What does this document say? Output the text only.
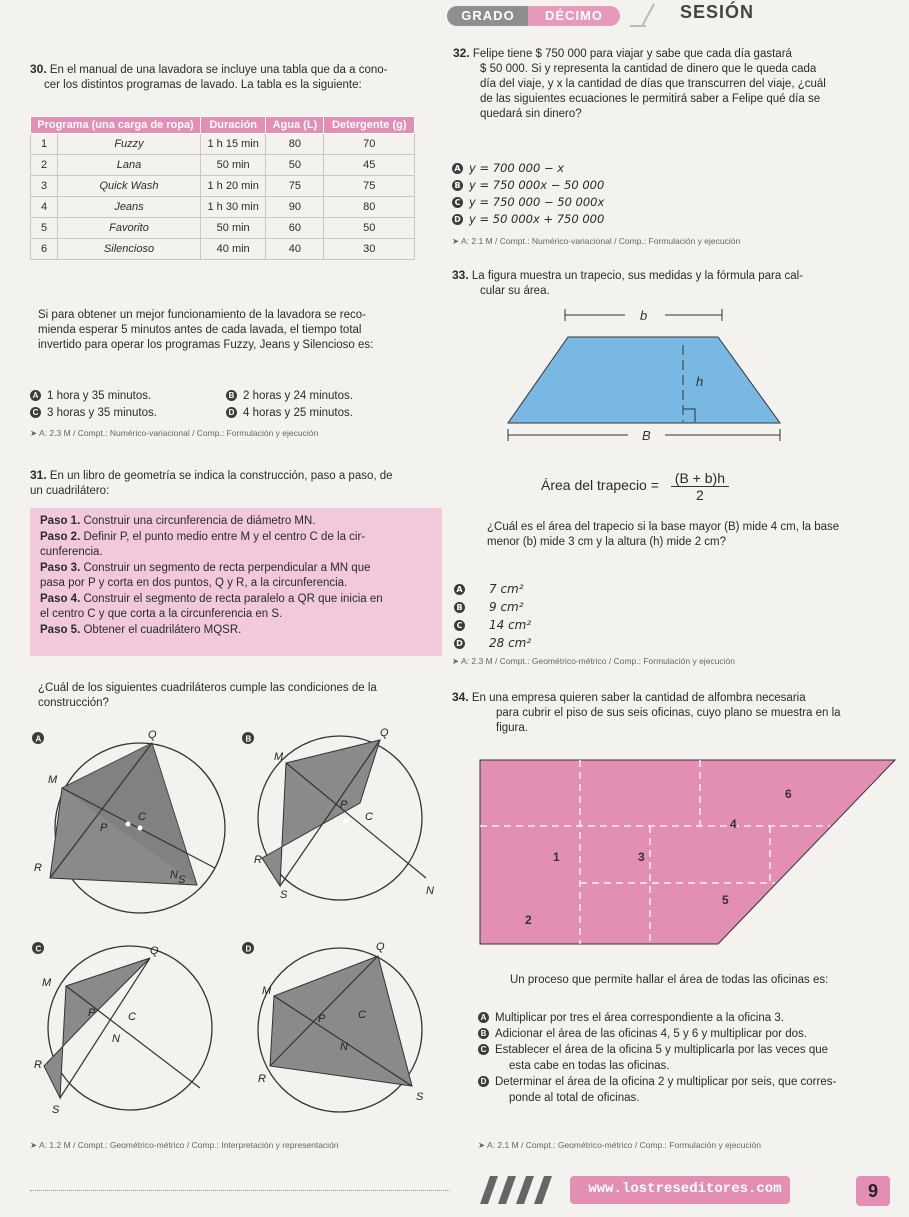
GRADO	DÉCIMO	SESIÓN
30. En el manual de una lavadora se incluye una tabla que da a cono-
cer los distintos programas de lavado. La tabla es la siguiente:
Programa (una carga de ropa)		Duración	Agua (L)	Detergente (g)
1	Fuzzy	1 h 15 min	80	70
2	Lana	50 min	50	45
3	Quick Wash	1 h 20 min	75	75
4	Jeans	1 h 30 min	90	80
5	Favorito	50 min	60	50
6	Silencioso	40 min	40	30
Si para obtener un mejor funcionamiento de la lavadora se reco-
mienda esperar 5 minutos antes de cada lavada, el tiempo total
invertido para operar los programas Fuzzy, Jeans y Silencioso es:
A 1 hora y 35 minutos.	B 2 horas y 24 minutos.
C 3 horas y 35 minutos.	D 4 horas y 25 minutos.
➤ A: 2.3 M / Compt.: Numérico-variacional / Comp.: Formulación y ejecución
31. En un libro de geometría se indica la construcción, paso a paso, de
un cuadrilátero:
Paso 1. Construir una circunferencia de diámetro MN.
Paso 2. Definir P, el punto medio entre M y el centro C de la cir-
cunferencia.
Paso 3. Construir un segmento de recta perpendicular a MN que
pasa por P y corta en dos puntos, Q y R, a la circunferencia.
Paso 4. Construir el segmento de recta paralelo a QR que inicia en
el centro C y que corta a la circunferencia en S.
Paso 5. Obtener el cuadrilátero MQSR.
¿Cuál de los siguientes cuadriláteros cumple las condiciones de la
construcción?
A	B
C	D
M
Q
P
C
R
S
N
M
Q
P
C
R
S	N
M
Q
P	C
R
S
N
M
Q
P	C
R
S
N
➤ A: 1.2 M / Compt.: Geométrico-métrico / Comp.: Interpretación y representación
32. Felipe tiene $ 750 000 para viajar y sabe que cada día gastará
$ 50 000. Si y representa la cantidad de dinero que le queda cada
día del viaje, y x la cantidad de días que transcurren del viaje, ¿cuál
de las siguientes ecuaciones le permitirá saber a Felipe qué día se
quedará sin dinero?
A y = 700 000 − x
B y = 750 000x − 50 000
C y = 750 000 − 50 000x
D y = 50 000x + 750 000
➤ A: 2.1 M / Compt.: Numérico-variacional / Comp.: Formulación y ejecución
33. La figura muestra un trapecio, sus medidas y la fórmula para cal-
cular su área.
b
h
B
Área del trapecio = $\frac{(B + b)h}{2}$
¿Cuál es el área del trapecio si la base mayor (B) mide 4 cm, la base
menor (b) mide 3 cm y la altura (h) mide 2 cm?
A 7 cm²
B 9 cm²
C 14 cm²
D 28 cm²
➤ A: 2.3 M / Compt.: Geométrico-métrico / Comp.: Formulación y ejecución
34. En una empresa quieren saber la cantidad de alfombra necesaria
para cubrir el piso de sus seis oficinas, cuyo plano se muestra en la
figura.
6
4
1	3
5
2
Un proceso que permite hallar el área de todas las oficinas es:
A Multiplicar por tres el área correspondiente a la oficina 3.
B Adicionar el área de las oficinas 4, 5 y 6 y multiplicar por dos.
C Establecer el área de la oficina 5 y multiplicarla por las veces que
esta cabe en todas las oficinas.
D Determinar el área de la oficina 2 y multiplicar por seis, que corres-
ponde al total de oficinas.
➤ A: 2.1 M / Compt.: Geométrico-métrico / Comp.: Formulación y ejecución
www.lostreseditores.com	9
